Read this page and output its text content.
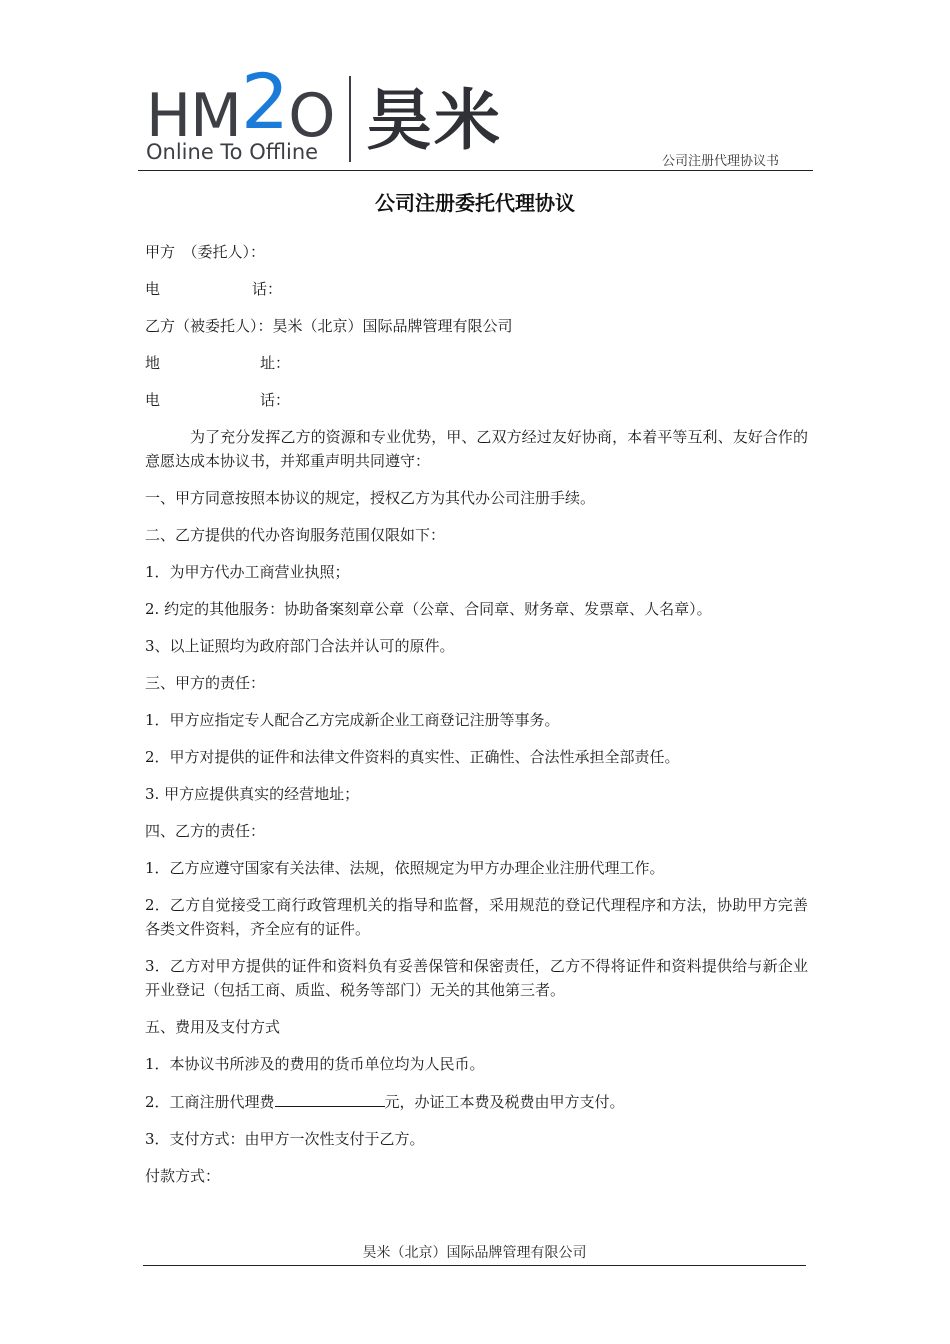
HM2O
Online To Offline 昊米
公司注册代理协议书
公司注册委托代理协议

甲方　（委托人）：

电	话：

乙方（被委托人）：昊米（北京）国际品牌管理有限公司

地	址：

电	话：

为了充分发挥乙方的资源和专业优势，甲、乙双方经过友好协商，本着平等互利、友好合作的意愿达成本协议书，并郑重声明共同遵守：

一、甲方同意按照本协议的规定，授权乙方为其代办公司注册手续。

二、乙方提供的代办咨询服务范围仅限如下：

1．为甲方代办工商营业执照；

2. 约定的其他服务：协助备案刻章公章（公章、合同章、财务章、发票章、人名章）。

3、以上证照均为政府部门合法并认可的原件。

三、甲方的责任：

1．甲方应指定专人配合乙方完成新企业工商登记注册等事务。

2．甲方对提供的证件和法律文件资料的真实性、正确性、合法性承担全部责任。

3. 甲方应提供真实的经营地址；

四、乙方的责任：

1．乙方应遵守国家有关法律、法规，依照规定为甲方办理企业注册代理工作。

2．乙方自觉接受工商行政管理机关的指导和监督，采用规范的登记代理程序和方法，协助甲方完善各类文件资料，齐全应有的证件。

3．乙方对甲方提供的证件和资料负有妥善保管和保密责任，乙方不得将证件和资料提供给与新企业开业登记（包括工商、质监、税务等部门）无关的其他第三者。

五、费用及支付方式

1．本协议书所涉及的费用的货币单位均为人民币。

2．工商注册代理费	元，办证工本费及税费由甲方支付。

3．支付方式：由甲方一次性支付于乙方。

付款方式：

昊米（北京）国际品牌管理有限公司
